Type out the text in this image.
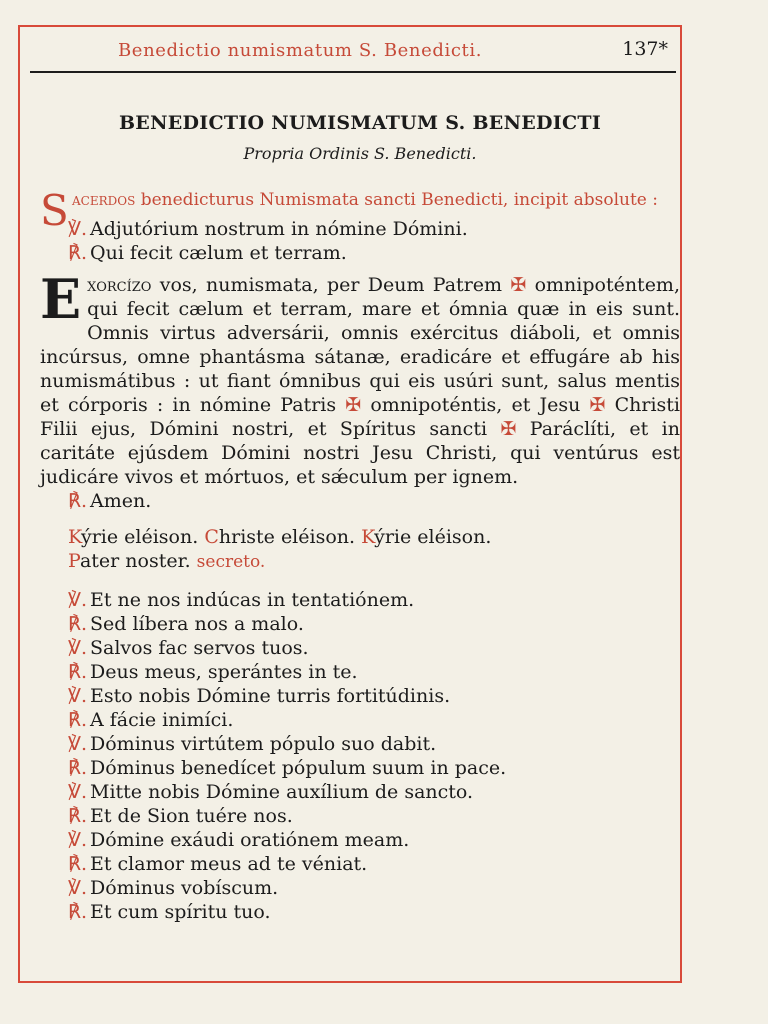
Benedictio numismatum S. Benedicti.	137*
BENEDICTIO NUMISMATUM S. BENEDICTI

Propria Ordinis S. Benedicti.

S acerdos benedicturus Numismata sancti Benedicti, incipit absolute :
℣. Adjutórium nostrum in nómine Dómini.
℟. Qui fecit cælum et terram.
Exorcízo vos, numismata, per Deum Patrem ✠ omnipoténtem, qui fecit cælum et terram, mare et ómnia quæ in eis sunt. Omnis virtus adversárii, omnis exércitus diáboli, et omnis incúrsus, omne phantásma sátanæ, eradicáre et effugáre ab his numismátibus : ut fiant ómnibus qui eis usúri sunt, salus mentis et córporis : in nómine Patris ✠ omnipoténtis, et Jesu ✠ Christi Filii ejus, Dómini nostri, et Spíritus sancti ✠ Paráclíti, et in caritáte ejúsdem Dómini nostri Jesu Christi, qui ventúrus est judicáre vivos et mórtuos, et sǽculum per ignem.
℟. Amen.
Kýrie eléison. Christe eléison. Kýrie eléison.
Pater noster. secreto.
℣. Et ne nos indúcas in tentatiónem.
℟. Sed líbera nos a malo.
℣. Salvos fac servos tuos.
℟. Deus meus, sperántes in te.
℣. Esto nobis Dómine turris fortitúdinis.
℟. A fácie inimíci.
℣. Dóminus virtútem pópulo suo dabit.
℟. Dóminus benedícet pópulum suum in pace.
℣. Mitte nobis Dómine auxílium de sancto.
℟. Et de Sion tuére nos.
℣. Dómine exáudi oratiónem meam.
℟. Et clamor meus ad te véniat.
℣. Dóminus vobíscum.
℟. Et cum spíritu tuo.
